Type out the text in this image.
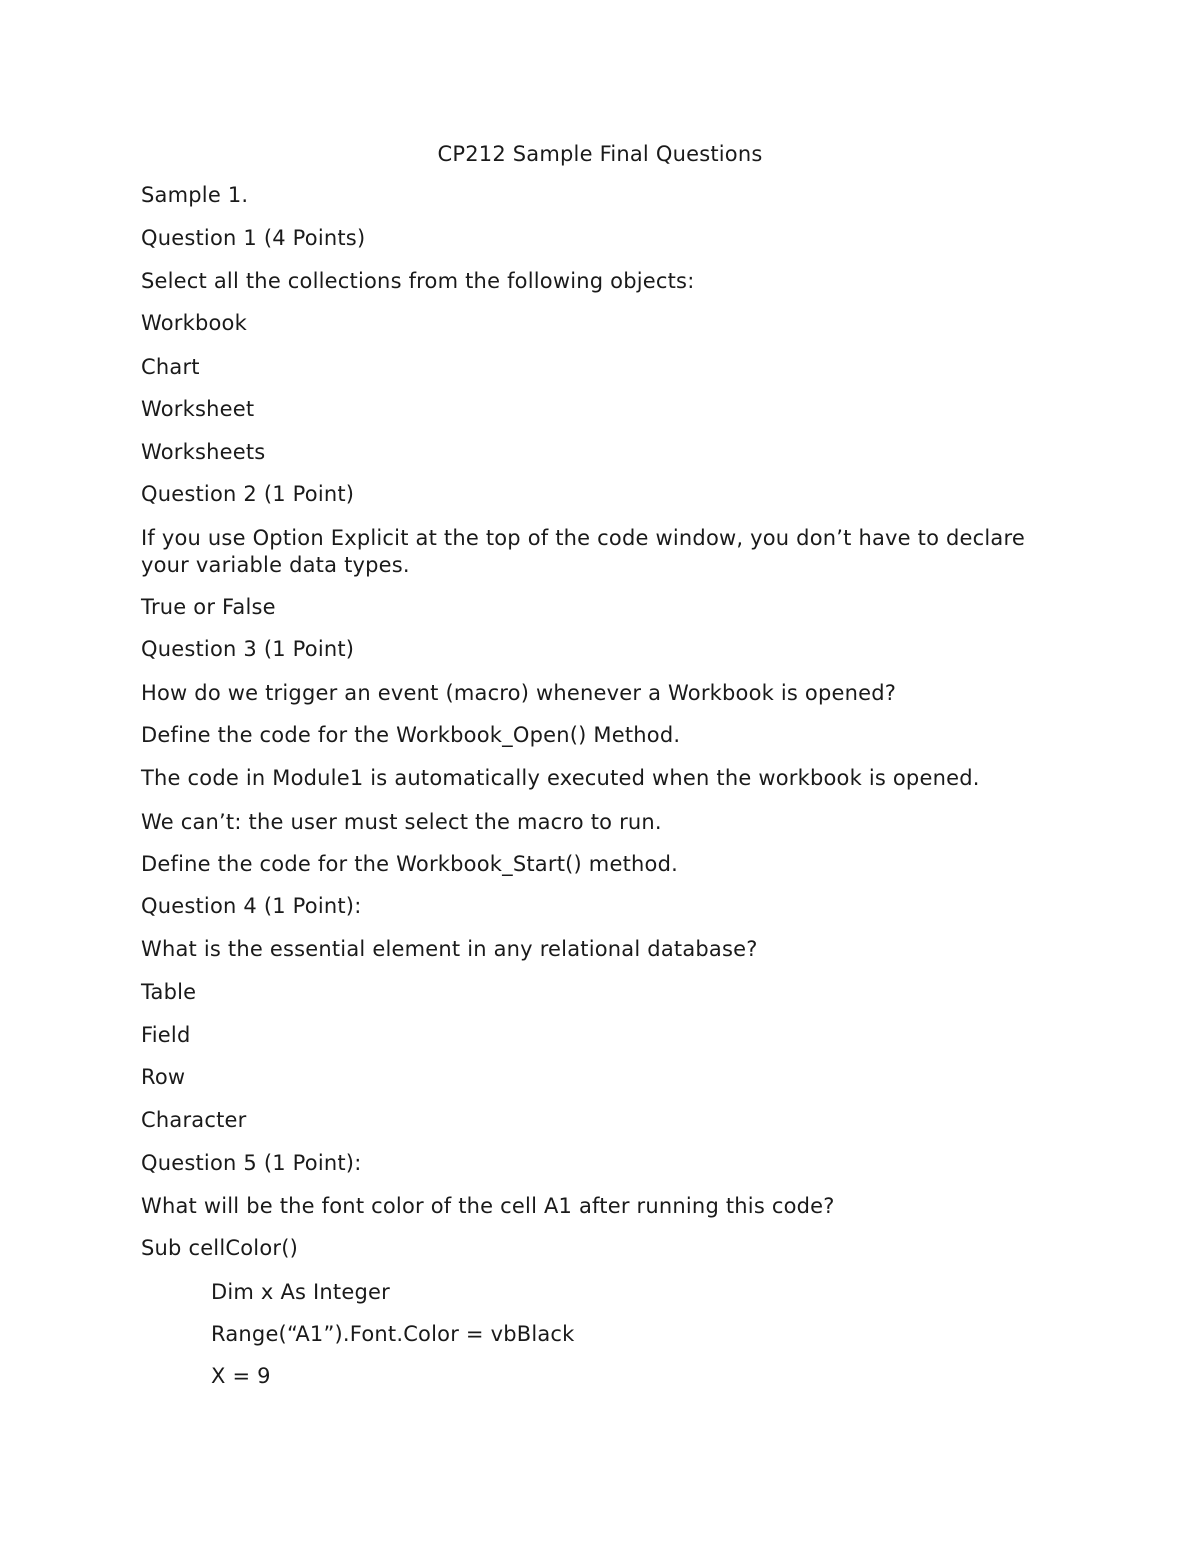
CP212 Sample Final Questions
Sample 1.
Question 1 (4 Points)
Select all the collections from the following objects:
Workbook
Chart
Worksheet
Worksheets
Question 2 (1 Point)
If you use Option Explicit at the top of the code window, you don’t have to declare
your variable data types.
True or False
Question 3 (1 Point)
How do we trigger an event (macro) whenever a Workbook is opened?
Define the code for the Workbook_Open() Method.
The code in Module1 is automatically executed when the workbook is opened.
We can’t: the user must select the macro to run.
Define the code for the Workbook_Start() method.
Question 4 (1 Point):
What is the essential element in any relational database?
Table
Field
Row
Character
Question 5 (1 Point):
What will be the font color of the cell A1 after running this code?
Sub cellColor()
Dim x As Integer
Range(“A1”).Font.Color = vbBlack
X = 9
